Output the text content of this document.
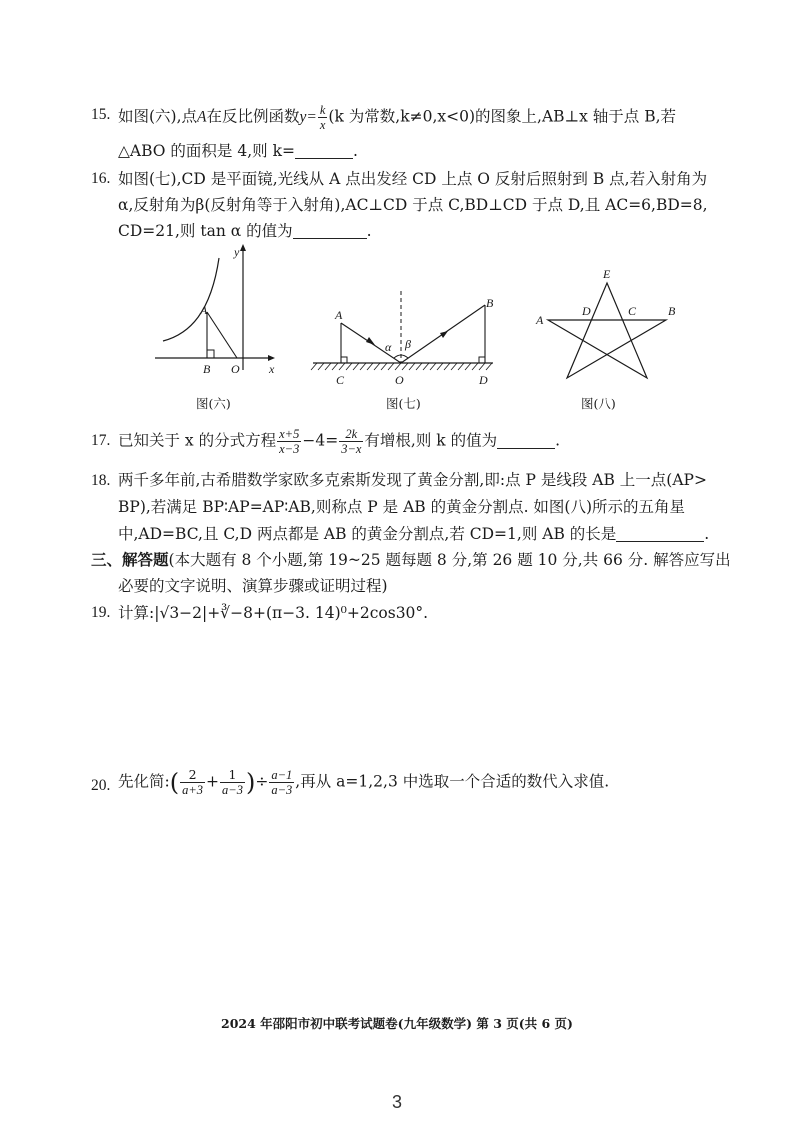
15. 如图(六),点A在反比例函数$y= \frac{k}{x} (k$ 为常数,k≠0,x<0)的图象上,AB⊥x 轴于点 B,若
△ABO 的面积是 4,则 k=	.
16. 如图(七),CD 是平面镜,光线从 A 点出发经 CD 上点 O 反射后照射到 B 点,若入射角为
α,反射角为β(反射角等于入射角),AC⊥CD 于点 C,BD⊥CD 于点 D,且 AC=6,BD=8,
CD=21,则 tan α 的值为	.
y
A
B O x
图(六)
A
B
C	O	D
α β
图(七)
E
A
D	C	B
图(八)
17. 已知关于 x 的分式方程 $\frac{x+5}{x-3} -4= \frac{2k}{3-x}$ 有增根,则 k 的值为	.
18. 两千多年前,古希腊数学家欧多克索斯发现了黄金分割,即:点 P 是线段 AB 上一点(AP>
BP),若满足 BP∶AP=AP∶AB,则称点 P 是 AB 的黄金分割点. 如图(八)所示的五角星
中,AD=BC,且 C,D 两点都是 AB 的黄金分割点,若 CD=1,则 AB 的长是	.
三、解答题(本大题有 8 个小题,第 19~25 题每题 8 分,第 26 题 10 分,共 66 分. 解答应写出
必要的文字说明、演算步骤或证明过程)
19. 计算:|√3−2|+∛−8+(π−3. 14)⁰+2cos30°.
20. 先化简:( $\frac{2}{a+3} + \frac{1}{a-3}$ )÷ $\frac{a-1}{a-3}$ ,再从 a=1,2,3 中选取一个合适的数代入求值.
2024 年邵阳市初中联考试题卷(九年级数学) 第 3 页(共 6 页)
3
